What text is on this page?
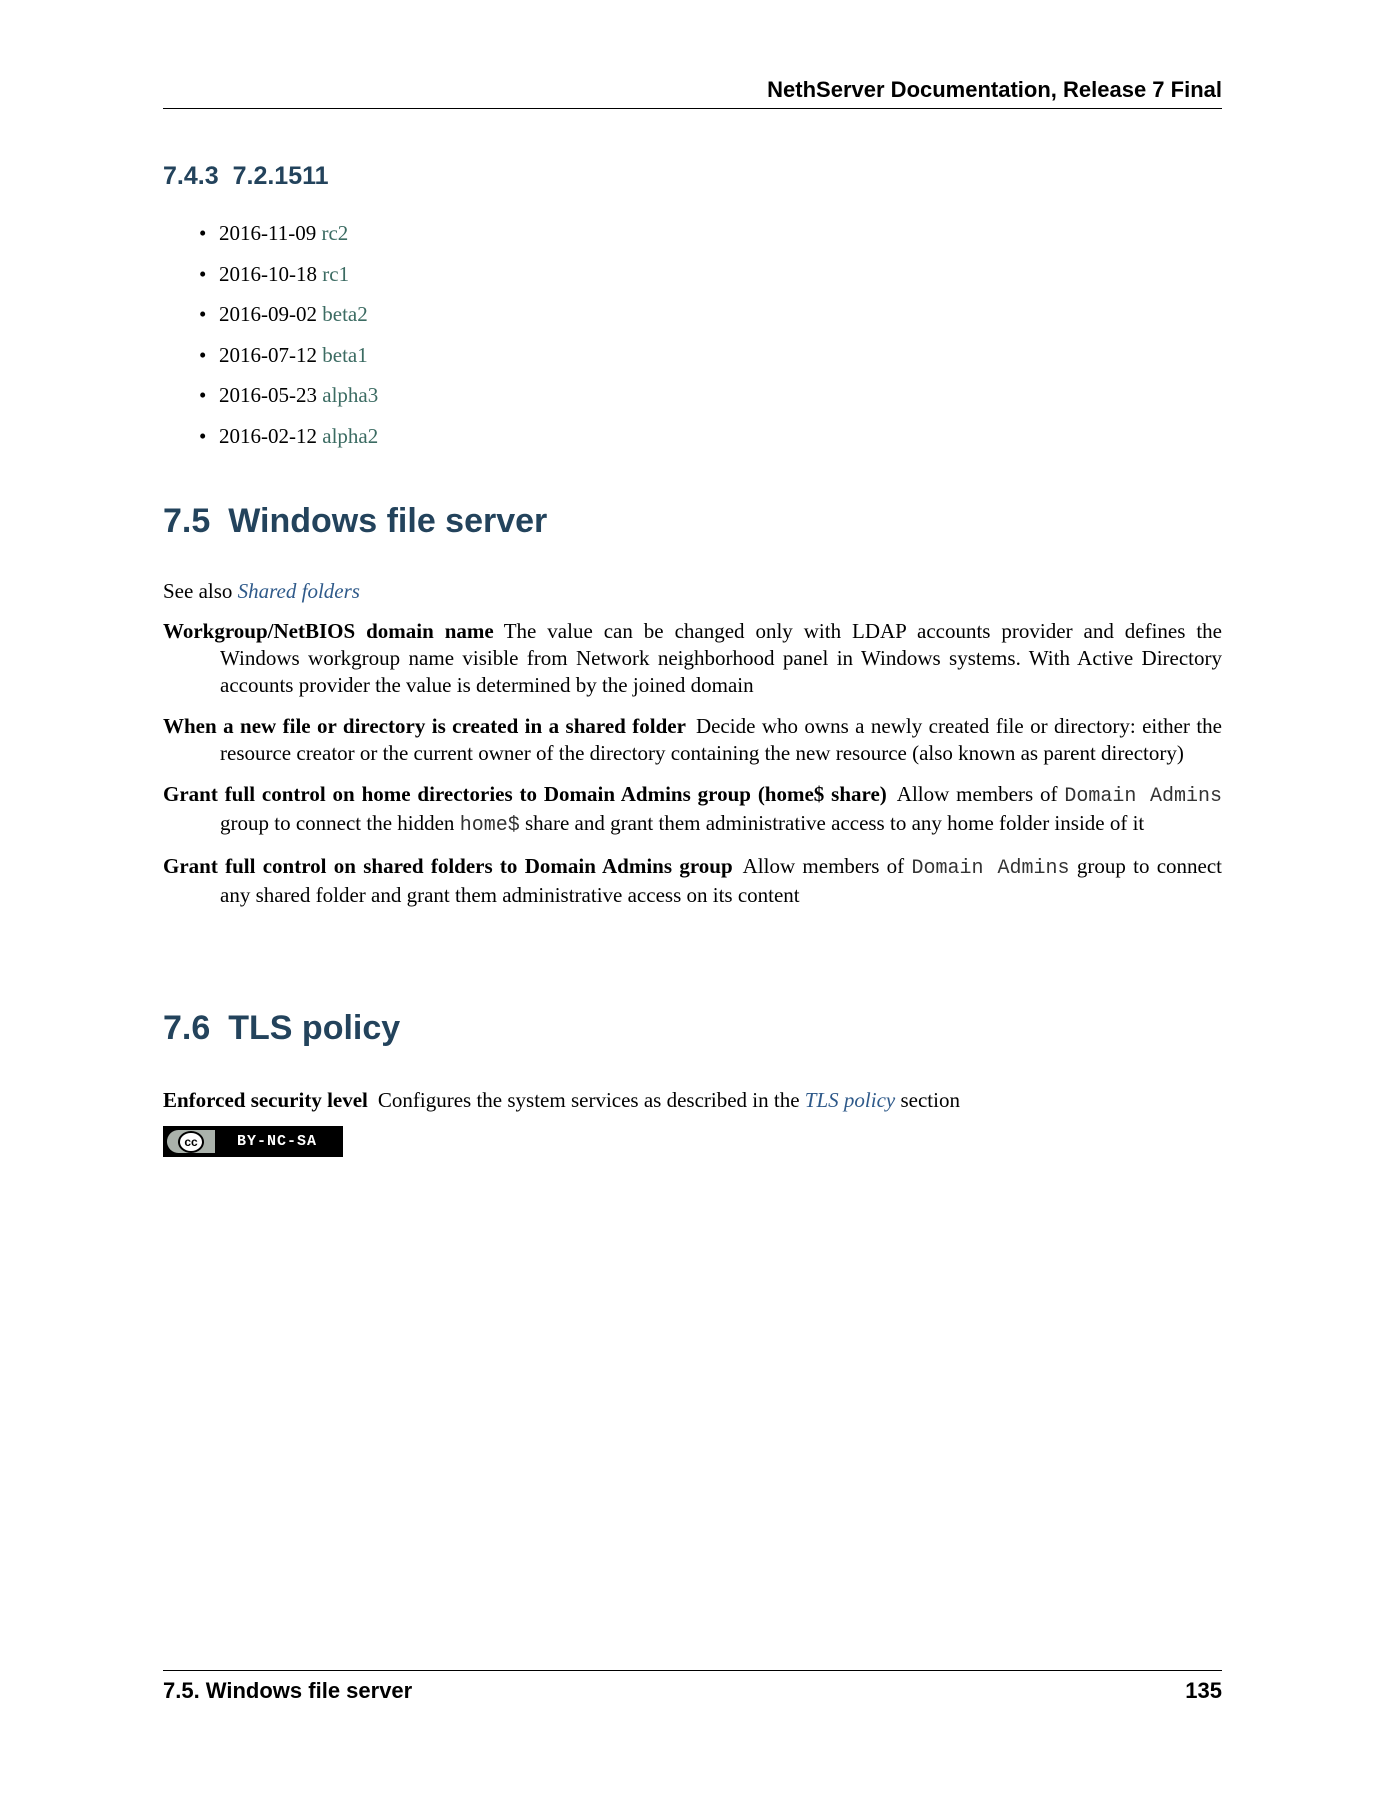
NethServer Documentation, Release 7 Final
7.4.3 7.2.1511
• 2016-11-09 rc2
• 2016-10-18 rc1
• 2016-09-02 beta2
• 2016-07-12 beta1
• 2016-05-23 alpha3
• 2016-02-12 alpha2
7.5 Windows file server
See also Shared folders
Workgroup/NetBIOS domain name The value can be changed only with LDAP accounts provider and defines the Windows workgroup name visible from Network neighborhood panel in Windows systems. With Active Directory accounts provider the value is determined by the joined domain
When a new file or directory is created in a shared folder Decide who owns a newly created file or directory: either the resource creator or the current owner of the directory containing the new resource (also known as parent directory)
Grant full control on home directories to Domain Admins group (home$ share) Allow members of Domain Admins group to connect the hidden home$ share and grant them administrative access to any home folder inside of it
Grant full control on shared folders to Domain Admins group Allow members of Domain Admins group to connect any shared folder and grant them administrative access on its content
7.6 TLS policy
Enforced security level Configures the system services as described in the TLS policy section
cc	BY-NC-SA
7.5. Windows file server	135
